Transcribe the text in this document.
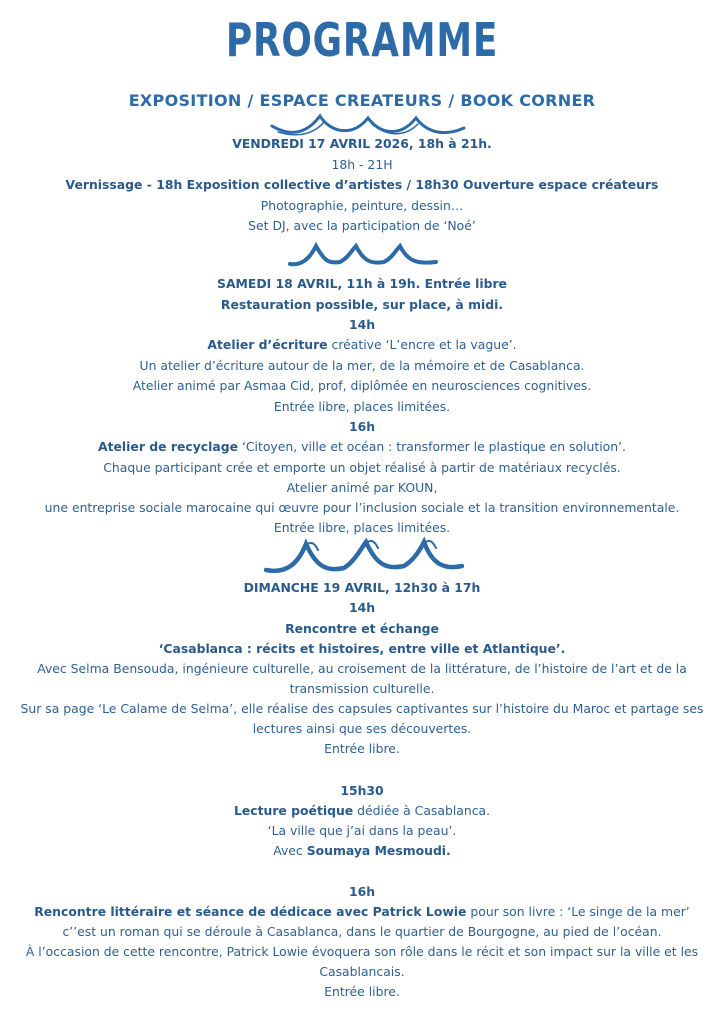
PROGRAMME
EXPOSITION / ESPACE CREATEURS / BOOK CORNER
VENDREDI 17 AVRIL 2026, 18h à 21h.
18h - 21H
Vernissage - 18h Exposition collective d’artistes / 18h30 Ouverture espace créateurs
Photographie, peinture, dessin…
Set DJ, avec la participation de ‘Noé’
SAMEDI 18 AVRIL, 11h à 19h. Entrée libre
Restauration possible, sur place, à midi.
14h
Atelier d’écriture créative ‘L’encre et la vague’.
Un atelier d’écriture autour de la mer, de la mémoire et de Casablanca.
Atelier animé par Asmaa Cid, prof, diplômée en neurosciences cognitives.
Entrée libre, places limitées.
16h
Atelier de recyclage ‘Citoyen, ville et océan : transformer le plastique en solution’.
Chaque participant crée et emporte un objet réalisé à partir de matériaux recyclés.
Atelier animé par KOUN,
une entreprise sociale marocaine qui œuvre pour l’inclusion sociale et la transition environnementale.
Entrée libre, places limitées.
DIMANCHE 19 AVRIL, 12h30 à 17h
14h
Rencontre et échange
‘Casablanca : récits et histoires, entre ville et Atlantique’.
Avec Selma Bensouda, ingénieure culturelle, au croisement de la littérature, de l’histoire de l’art et de la
transmission culturelle.
Sur sa page ‘Le Calame de Selma’, elle réalise des capsules captivantes sur l’histoire du Maroc et partage ses
lectures ainsi que ses découvertes.
Entrée libre.
15h30
Lecture poétique dédiée à Casablanca.
‘La ville que j’ai dans la peau’.
Avec Soumaya Mesmoudi.
16h
Rencontre littéraire et séance de dédicace avec Patrick Lowie pour son livre : ‘Le singe de la mer’
c’’est un roman qui se déroule à Casablanca, dans le quartier de Bourgogne, au pied de l’océan.
À l’occasion de cette rencontre, Patrick Lowie évoquera son rôle dans le récit et son impact sur la ville et les
Casablancais.
Entrée libre.
